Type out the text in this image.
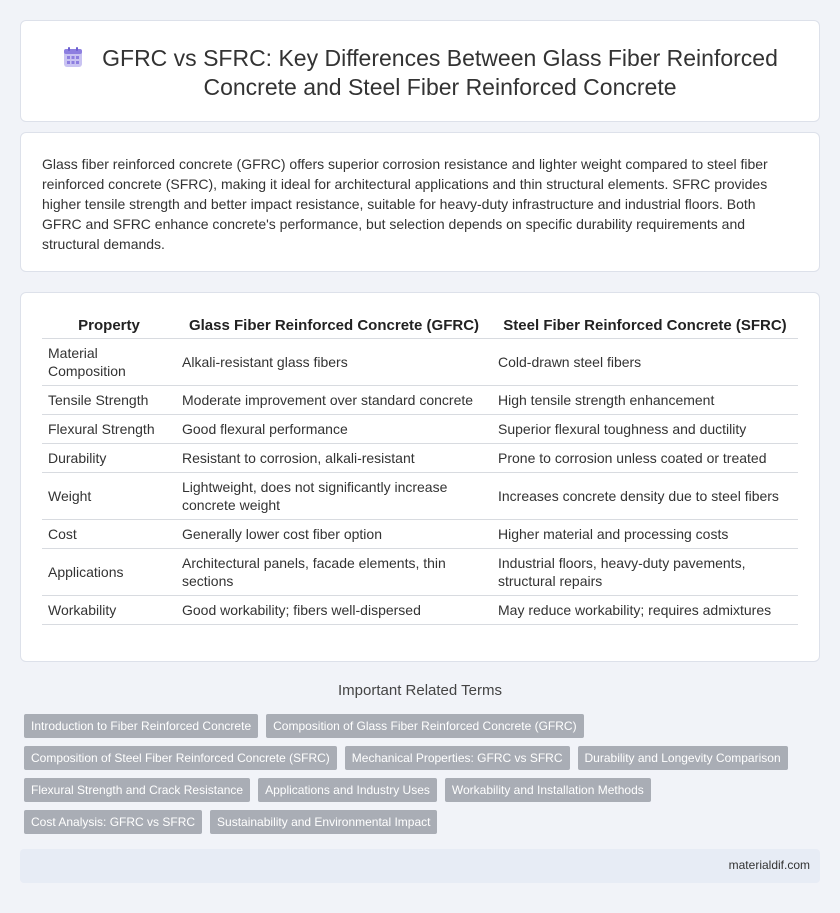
GFRC vs SFRC: Key Differences Between Glass Fiber Reinforced Concrete and Steel Fiber Reinforced Concrete

Glass fiber reinforced concrete (GFRC) offers superior corrosion resistance and lighter weight compared to steel fiber reinforced concrete (SFRC), making it ideal for architectural applications and thin structural elements. SFRC provides higher tensile strength and better impact resistance, suitable for heavy-duty infrastructure and industrial floors. Both GFRC and SFRC enhance concrete's performance, but selection depends on specific durability requirements and structural demands.

Property	Glass Fiber Reinforced Concrete (GFRC)	Steel Fiber Reinforced Concrete (SFRC)
Material Composition	Alkali-resistant glass fibers	Cold-drawn steel fibers
Tensile Strength	Moderate improvement over standard concrete	High tensile strength enhancement
Flexural Strength	Good flexural performance	Superior flexural toughness and ductility
Durability	Resistant to corrosion, alkali-resistant	Prone to corrosion unless coated or treated
Weight	Lightweight, does not significantly increase concrete weight	Increases concrete density due to steel fibers
Cost	Generally lower cost fiber option	Higher material and processing costs
Applications	Architectural panels, facade elements, thin sections	Industrial floors, heavy-duty pavements, structural repairs
Workability	Good workability; fibers well-dispersed	May reduce workability; requires admixtures
Important Related Terms
Introduction to Fiber Reinforced Concrete	Composition of Glass Fiber Reinforced Concrete (GFRC)
Composition of Steel Fiber Reinforced Concrete (SFRC)	Mechanical Properties: GFRC vs SFRC	Durability and Longevity Comparison
Flexural Strength and Crack Resistance	Applications and Industry Uses	Workability and Installation Methods
Cost Analysis: GFRC vs SFRC	Sustainability and Environmental Impact
materialdif.com
